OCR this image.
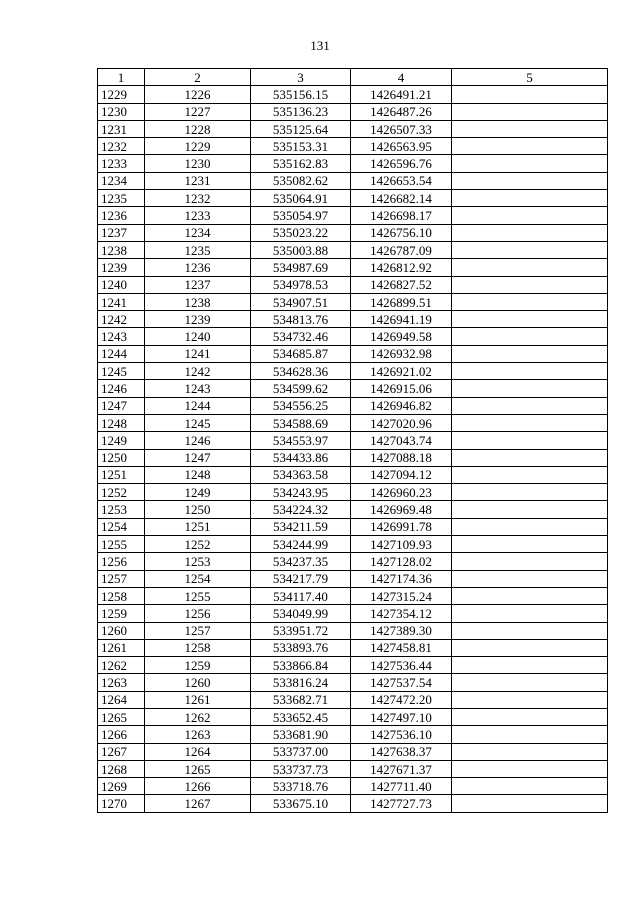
131
1	2	3	4	5
1229	1226	535156.15	1426491.21	
1230	1227	535136.23	1426487.26	
1231	1228	535125.64	1426507.33	
1232	1229	535153.31	1426563.95	
1233	1230	535162.83	1426596.76	
1234	1231	535082.62	1426653.54	
1235	1232	535064.91	1426682.14	
1236	1233	535054.97	1426698.17	
1237	1234	535023.22	1426756.10	
1238	1235	535003.88	1426787.09	
1239	1236	534987.69	1426812.92	
1240	1237	534978.53	1426827.52	
1241	1238	534907.51	1426899.51	
1242	1239	534813.76	1426941.19	
1243	1240	534732.46	1426949.58	
1244	1241	534685.87	1426932.98	
1245	1242	534628.36	1426921.02	
1246	1243	534599.62	1426915.06	
1247	1244	534556.25	1426946.82	
1248	1245	534588.69	1427020.96	
1249	1246	534553.97	1427043.74	
1250	1247	534433.86	1427088.18	
1251	1248	534363.58	1427094.12	
1252	1249	534243.95	1426960.23	
1253	1250	534224.32	1426969.48	
1254	1251	534211.59	1426991.78	
1255	1252	534244.99	1427109.93	
1256	1253	534237.35	1427128.02	
1257	1254	534217.79	1427174.36	
1258	1255	534117.40	1427315.24	
1259	1256	534049.99	1427354.12	
1260	1257	533951.72	1427389.30	
1261	1258	533893.76	1427458.81	
1262	1259	533866.84	1427536.44	
1263	1260	533816.24	1427537.54	
1264	1261	533682.71	1427472.20	
1265	1262	533652.45	1427497.10	
1266	1263	533681.90	1427536.10	
1267	1264	533737.00	1427638.37	
1268	1265	533737.73	1427671.37	
1269	1266	533718.76	1427711.40	
1270	1267	533675.10	1427727.73	
